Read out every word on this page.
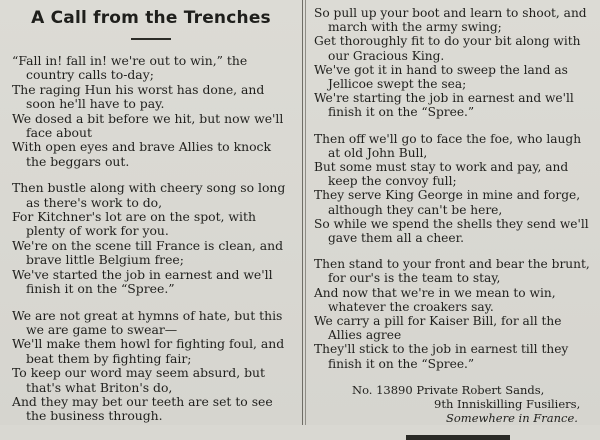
A Call from the Trenches
“Fall in! fall in! we're out to win,” the country calls to-day;
The raging Hun his worst has done, and soon he'll have to pay.
We dosed a bit before we hit, but now we'll face about
With open eyes and brave Allies to knock the beggars out.
Then bustle along with cheery song so long as there's work to do,
For Kitchner's lot are on the spot, with plenty of work for you.
We're on the scene till France is clean, and brave little Belgium free;
We've started the job in earnest and we'll finish it on the “Spree.”
We are not great at hymns of hate, but this we are game to swear—
We'll make them howl for fighting foul, and beat them by fighting fair;
To keep our word may seem absurd, but that's what Briton's do,
And they may bet our teeth are set to see the business through.
So pull up your boot and learn to shoot, and march with the army swing;
Get thoroughly fit to do your bit along with our Gracious King.
We've got it in hand to sweep the land as Jellicoe swept the sea;
We're starting the job in earnest and we'll finish it on the “Spree.”
Then off we'll go to face the foe, who laugh at old John Bull,
But some must stay to work and pay, and keep the convoy full;
They serve King George in mine and forge, although they can't be here,
So while we spend the shells they send we'll gave them all a cheer.
Then stand to your front and bear the brunt, for our's is the team to stay,
And now that we're in we mean to win, whatever the croakers say.
We carry a pill for Kaiser Bill, for all the Allies agree
They'll stick to the job in earnest till they finish it on the “Spree.”
No. 13890 Private Robert Sands,
9th Inniskilling Fusiliers,
Somewhere in France.
